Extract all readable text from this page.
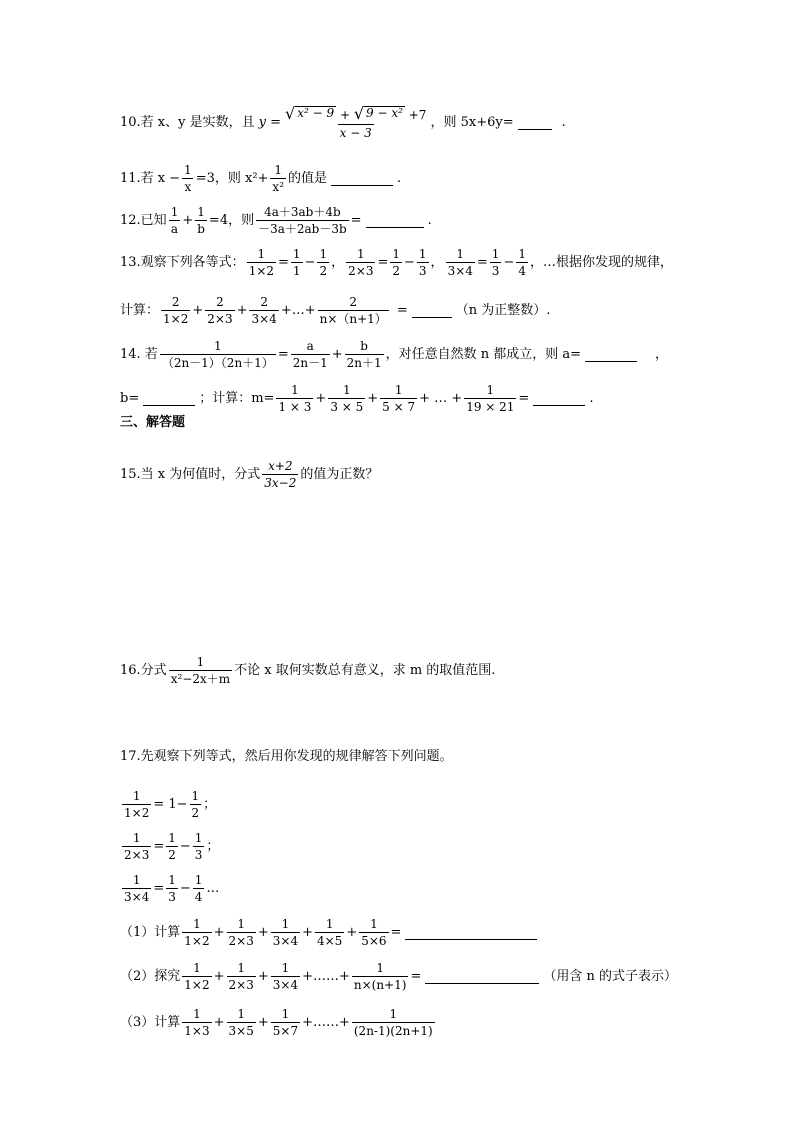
10.若 x、y 是实数，且 $y = \frac{\text{√ x² − 9 + √ 9 − x² +7}}{x - 3}$ ，则 5x+6y=	.
11.若 $x - \frac{1}{x} =3$，则 $x^2+ \frac{1}{\text{x²}}$ 的值是	.
12.已知 $\frac{1}{a} + \frac{1}{b} =4$，则 $\frac{4a+3ab+4b}{-3a+2ab-3b}$ =	.
13.观察下列各等式： $\frac{1}{1\times 2} = \frac{1}{1} - \frac{1}{2}$ ， $\frac{1}{2\times 3} = \frac{1}{2} - \frac{1}{3}$ ， $\frac{1}{3\times 4} = \frac{1}{3} - \frac{1}{4}$ ， …根据你发现的规律，
计算： $\frac{2}{1\times 2} + \frac{2}{2\times 3} + \frac{2}{3\times 4}$ +…+ $\frac{2}{n\times(n+1)}$ =	（n 为正整数）.
14. 若 $\frac{1}{(2n-1)(2n+1)} = \frac{a}{2n-1} + \frac{b}{2n+1}$ ，对任意自然数 n 都成立，则 a=	，
b=	；计算：$m= \frac{1}{1 \times 3} + \frac{1}{3 \times 5} + \frac{1}{5 \times 7}$ + … + $\frac{1}{19 \times 21}$ =	.
三、解答题
15.当 x 为何值时，分式 $\frac{x+2}{3x-2}$ 的值为正数？
16.分式 $\frac{1}{\text{x²−2x＋m}}$ 不论 x 取何实数总有意义，求 m 的取值范围.
17.先观察下列等式，然后用你发现的规律解答下列问题。
$\frac{1}{1\times 2} = 1- \frac{1}{2}$ ；
$\frac{1}{2\times 3} = \frac{1}{2} - \frac{1}{3}$ ；
$\frac{1}{3\times 4} = \frac{1}{3} - \frac{1}{4}$ …
（1）计算 $\frac{1}{1\times 2} + \frac{1}{2\times 3} + \frac{1}{3\times 4} + \frac{1}{4\times 5} + \frac{1}{5\times 6}$ =
（2）探究 $\frac{1}{1\times 2} + \frac{1}{2\times 3} + \frac{1}{3\times 4}$ +……+ $\frac{1}{n\times(n+1)}$ =	（用含 n 的式子表示）
（3）计算 $\frac{1}{1\times 3} + \frac{1}{3\times 5} + \frac{1}{5\times 7}$ +……+ $\frac{1}{(2n-1)(2n+1)}$
